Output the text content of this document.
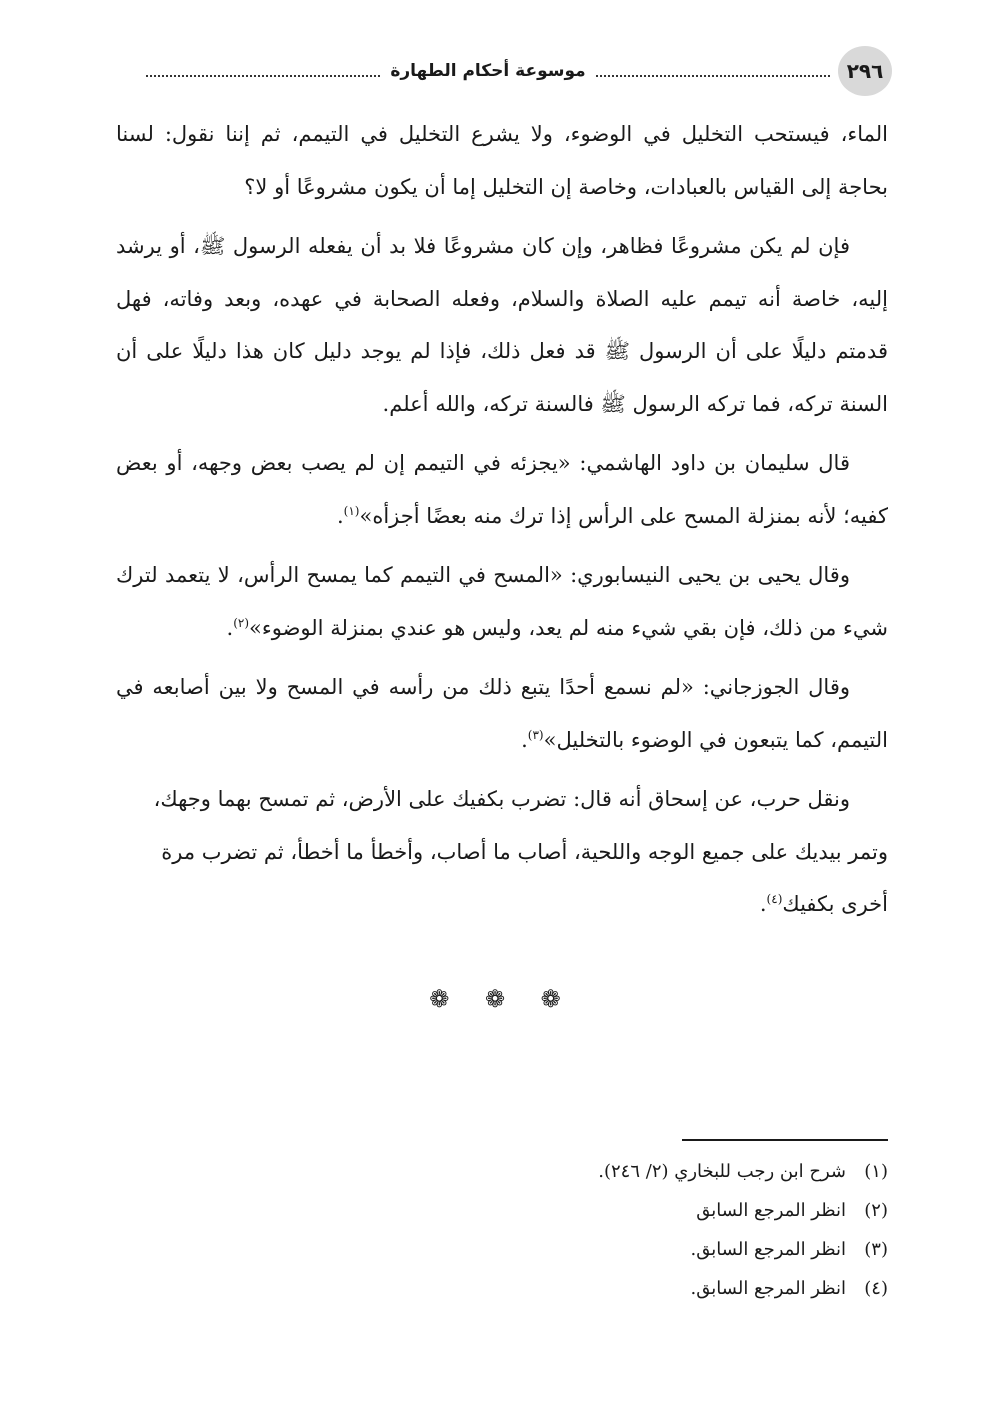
٢٩٦
موسوعة أحكام الطهارة

الماء، فيستحب التخليل في الوضوء، ولا يشرع التخليل في التيمم، ثم إننا نقول: لسنا بحاجة إلى القياس بالعبادات، وخاصة إن التخليل إما أن يكون مشروعًا أو لا؟

فإن لم يكن مشروعًا فظاهر، وإن كان مشروعًا فلا بد أن يفعله الرسول ﷺ، أو يرشد إليه، خاصة أنه تيمم عليه الصلاة والسلام، وفعله الصحابة في عهده، وبعد وفاته، فهل قدمتم دليلًا على أن الرسول ﷺ قد فعل ذلك، فإذا لم يوجد دليل كان هذا دليلًا على أن السنة تركه، فما تركه الرسول ﷺ فالسنة تركه، والله أعلم.

قال سليمان بن داود الهاشمي: «يجزئه في التيمم إن لم يصب بعض وجهه، أو بعض كفيه؛ لأنه بمنزلة المسح على الرأس إذا ترك منه بعضًا أجزأه»$^{(١)}$.

وقال يحيى بن يحيى النيسابوري: «المسح في التيمم كما يمسح الرأس، لا يتعمد لترك شيء من ذلك، فإن بقي شيء منه لم يعد، وليس هو عندي بمنزلة الوضوء»$^{(٢)}$.

وقال الجوزجاني: «لم نسمع أحدًا يتبع ذلك من رأسه في المسح ولا بين أصابعه في التيمم، كما يتبعون في الوضوء بالتخليل»$^{(٣)}$.

ونقل حرب، عن إسحاق أنه قال: تضرب بكفيك على الأرض، ثم تمسح بهما وجهك، وتمر بيديك على جميع الوجه واللحية، أصاب ما أصاب، وأخطأ ما أخطأ، ثم تضرب مرة أخرى بكفيك$^{(٤)}$.

❁ ❁ ❁
(١)
شرح ابن رجب للبخاري (٢/ ٢٤٦).
(٢)
انظر المرجع السابق
(٣)
انظر المرجع السابق.
(٤)
انظر المرجع السابق.
